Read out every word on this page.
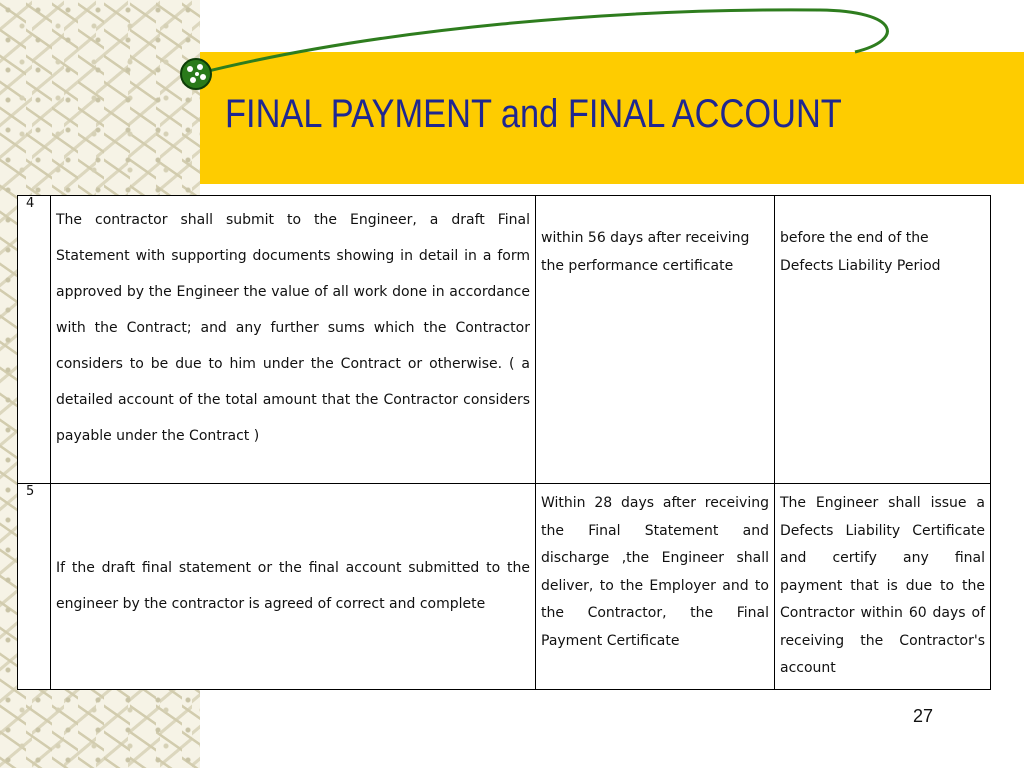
FINAL PAYMENT and FINAL ACCOUNT
4	The contractor shall submit to the Engineer, a draft Final Statement with supporting documents showing in detail in a form approved by the Engineer the value of all work done in accordance with the Contract; and any further sums which the Contractor considers to be due to him under the Contract or otherwise. ( a detailed account of the total amount that the Contractor considers payable under the Contract )	within 56 days after receiving the performance certificate	before the end of the Defects Liability Period

5	If the draft final statement or the final account submitted to the engineer by the contractor is agreed of correct and complete	Within 28 days after receiving the Final Statement and discharge ,the Engineer shall deliver, to the Employer and to the Contractor, the Final Payment Certificate	The Engineer shall issue a Defects Liability Certificate and certify any final payment that is due to the Contractor within 60 days of receiving the Contractor's account
27
